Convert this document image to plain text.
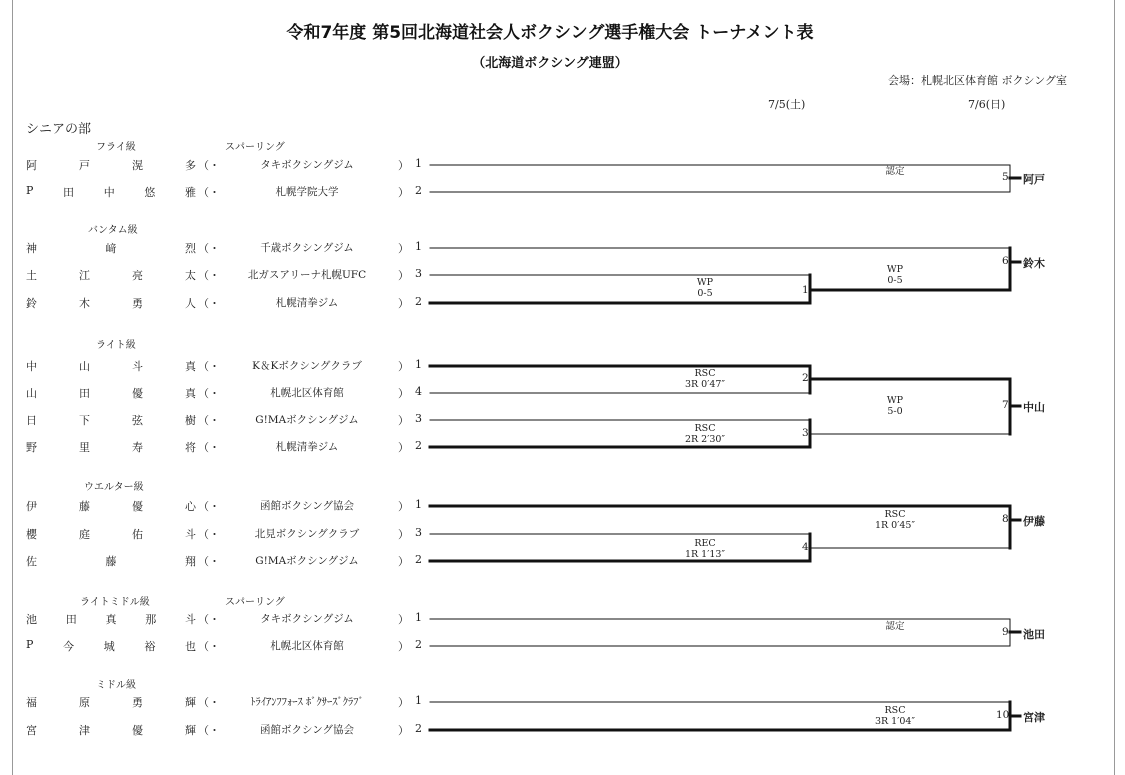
令和7年度 第5回北海道社会人ボクシング選手権大会 トーナメント表
（北海道ボクシング連盟）
会場：札幌北区体育館 ボクシング室
7/5(土)	7/6(日)
シニアの部
フライ級	スパーリング
バンタム級
ライト級
ウエルター級
ライトミドル級	スパーリング
ミドル級
阿	戸	滉	多 （・	タキボクシングジム	） 1
P	田	中	悠	雅 （・	札幌学院大学	） 2
神	﨑	烈 （・	千歳ボクシングジム	） 1
土	江	亮	太 （・	北ガスアリーナ札幌UFC	） 3
鈴	木	勇	人 （・	札幌清拳ジム	） 2
中	山	斗	真 （・	K＆Kボクシングクラブ	） 1
山	田	優	真 （・	札幌北区体育館	） 4
日	下	弦	樹 （・	G!MAボクシングジム	） 3
野	里	寿	将 （・	札幌清拳ジム	） 2
伊	藤	優	心 （・	函館ボクシング協会	） 1
櫻	庭	佑	斗 （・	北見ボクシングクラブ	） 3
佐	藤	翔 （・	G!MAボクシングジム	） 2
池	田	真	那	斗 （・	タキボクシングジム	） 1
P	今	城	裕	也 （・	札幌北区体育館	） 2
福	原	勇	輝 （・	ﾄﾗｲｱﾝﾌﾌｫｰｽ ﾎﾞｸｻｰｽﾞｸﾗﾌﾞ	） 1
宮	津	優	輝 （・	函館ボクシング協会	） 2
認定
WP
0-5
WP
0-5
RSC
3R 0′47″
RSC
2R 2′30″
WP
5-0
REC
1R 1′13″
RSC
1R 0′45″
認定
RSC
3R 1′04″
5
1
6
2
3
7
4
8
9
10
阿戸
鈴木
中山
伊藤
池田
宮津
